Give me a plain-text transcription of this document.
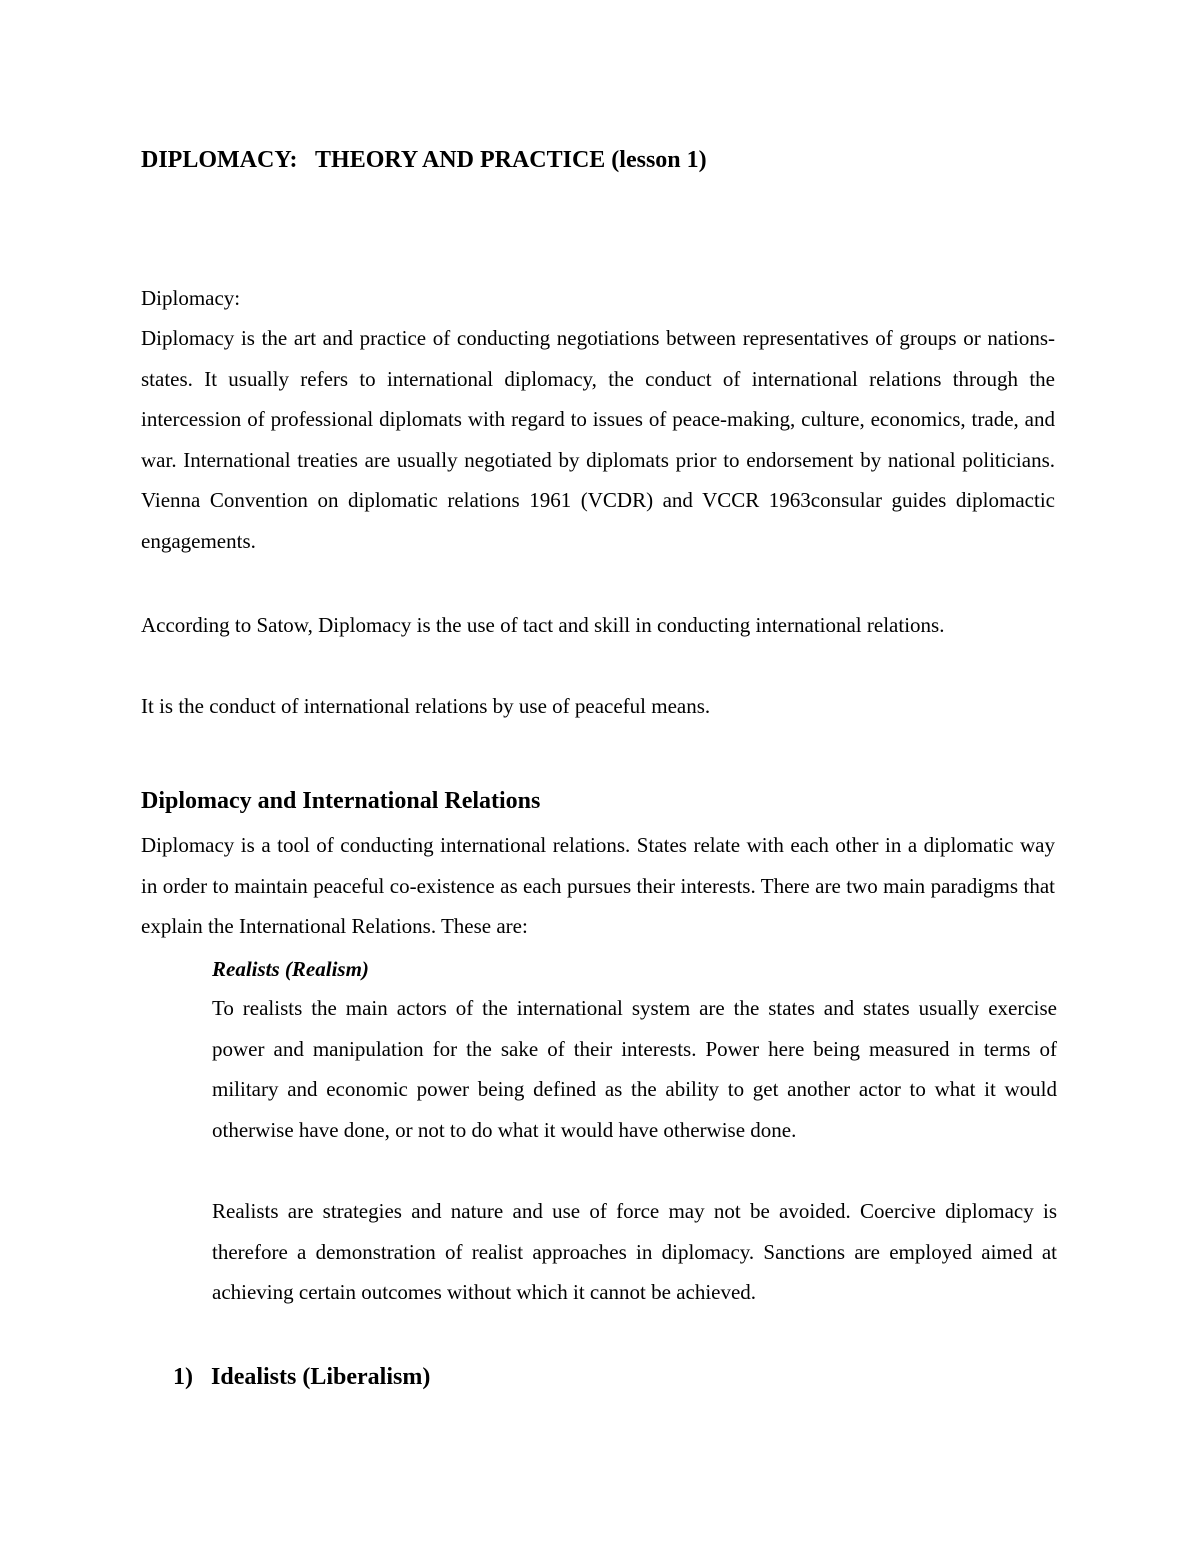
DIPLOMACY:   THEORY AND PRACTICE (lesson 1)

Diplomacy:

Diplomacy is the art and practice of conducting negotiations between representatives of groups or nations-states. It usually refers to international diplomacy, the conduct of international relations through the intercession of professional diplomats with regard to issues of peace-making, culture, economics, trade, and war. International treaties are usually negotiated by diplomats prior to endorsement by national politicians. Vienna Convention on diplomatic relations 1961 (VCDR) and VCCR 1963consular guides diplomactic engagements.

According to Satow, Diplomacy is the use of tact and skill in conducting international relations.

It is the conduct of international relations by use of peaceful means.

Diplomacy and International Relations

Diplomacy is a tool of conducting international relations. States relate with each other in a diplomatic way in order to maintain peaceful co-existence as each pursues their interests. There are two main paradigms that explain the International Relations. These are:

Realists (Realism)

To realists the main actors of the international system are the states and states usually exercise power and manipulation for the sake of their interests. Power here being measured in terms of military and economic power being defined as the ability to get another actor to what it would otherwise have done, or not to do what it would have otherwise done.

Realists are strategies and nature and use of force may not be avoided. Coercive diplomacy is therefore a demonstration of realist approaches in diplomacy. Sanctions are employed aimed at achieving certain outcomes without which it cannot be achieved.

1) Idealists (Liberalism)
